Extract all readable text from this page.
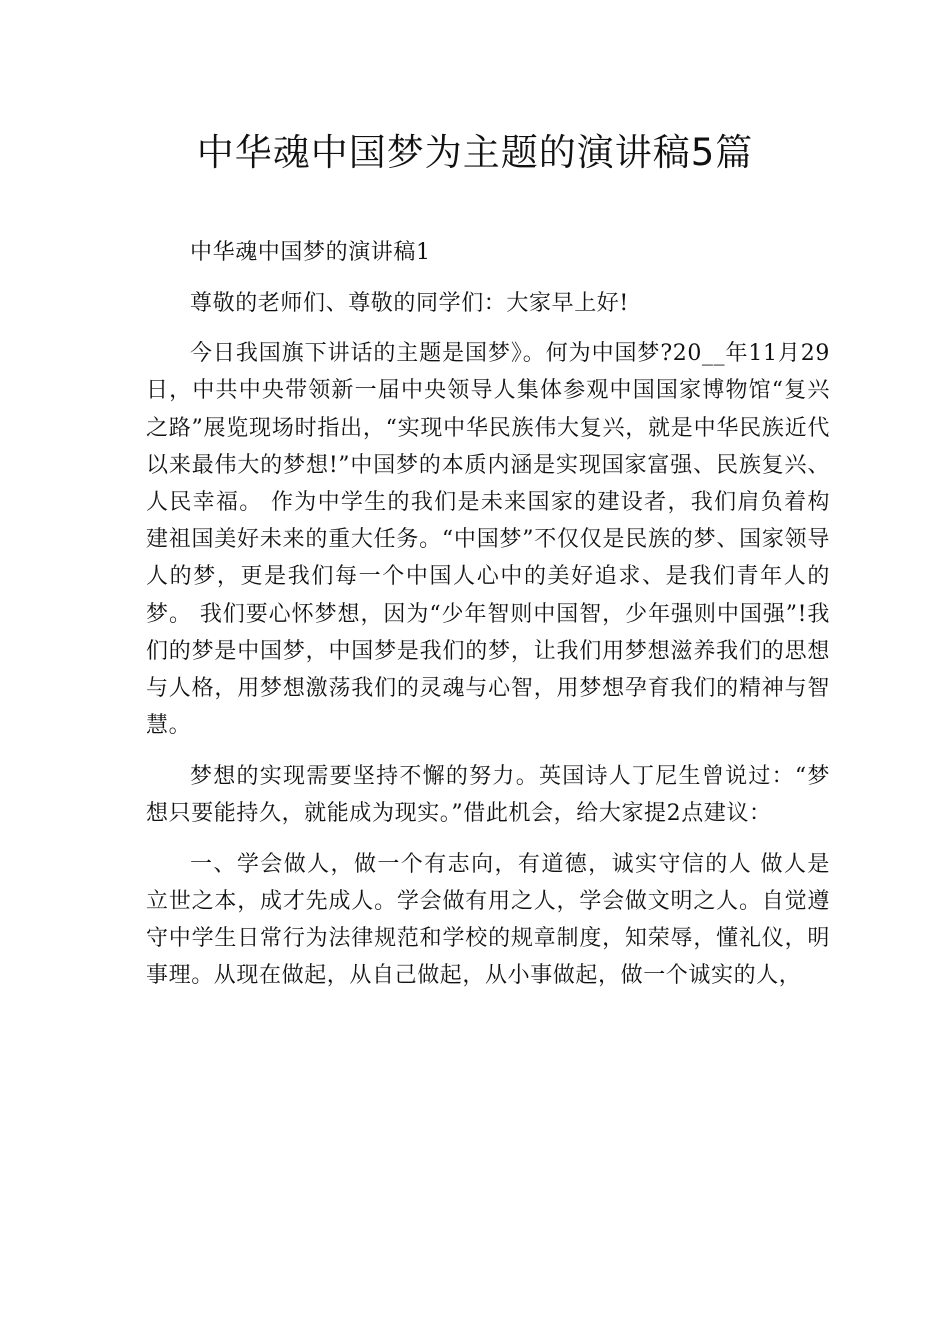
中华魂中国梦为主题的演讲稿5篇

中华魂中国梦的演讲稿1

尊敬的老师们、尊敬的同学们：大家早上好!

今日我国旗下讲话的主题是国梦》。何为中国梦?20__年11月29日，中共中央带领新一届中央领导人集体参观中国国家博物馆“复兴之路”展览现场时指出，“实现中华民族伟大复兴，就是中华民族近代以来最伟大的梦想!”中国梦的本质内涵是实现国家富强、民族复兴、人民幸福。 作为中学生的我们是未来国家的建设者，我们肩负着构建祖国美好未来的重大任务。“中国梦”不仅仅是民族的梦、国家领导人的梦，更是我们每一个中国人心中的美好追求、是我们青年人的梦。 我们要心怀梦想，因为“少年智则中国智，少年强则中国强”!我们的梦是中国梦，中国梦是我们的梦，让我们用梦想滋养我们的思想与人格，用梦想激荡我们的灵魂与心智，用梦想孕育我们的精神与智慧。

梦想的实现需要坚持不懈的努力。英国诗人丁尼生曾说过：“梦想只要能持久，就能成为现实。”借此机会，给大家提2点建议：

一、学会做人，做一个有志向，有道德，诚实守信的人 做人是立世之本，成才先成人。学会做有用之人，学会做文明之人。自觉遵守中学生日常行为法律规范和学校的规章制度，知荣辱，懂礼仪，明事理。从现在做起，从自己做起，从小事做起，做一个诚实的人，
